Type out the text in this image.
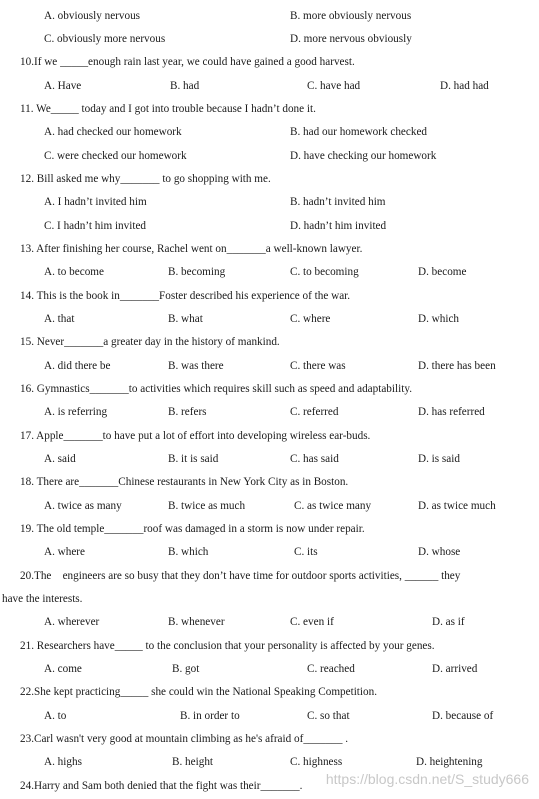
A. obviously nervous	B. more obviously nervous
C. obviously more nervous	D. more nervous obviously
10.If we _____enough rain last year, we could have gained a good harvest.
A. Have	B. had	C. have had	D. had had
11. We_____ today and I got into trouble because I hadn’t done it.
A. had checked our homework	B. had our homework checked
C. were checked our homework	D. have checking our homework
12. Bill asked me why_______ to go shopping with me.
A. I hadn’t invited him	B. hadn’t invited him
C. I hadn’t him invited	D. hadn’t him invited
13. After finishing her course, Rachel went on_______a well-known lawyer.
A. to become	B. becoming	C. to becoming	D. become
14. This is the book in_______Foster described his experience of the war.
A. that	B. what	C. where	D. which
15. Never_______a greater day in the history of mankind.
A. did there be	B. was there	C. there was	D. there has been
16. Gymnastics_______to activities which requires skill such as speed and adaptability.
A. is referring	B. refers	C. referred	D. has referred
17. Apple_______to have put a lot of effort into developing wireless ear-buds.
A. said	B. it is said	C. has said	D. is said
18. There are_______Chinese restaurants in New York City as in Boston.
A. twice as many	B. twice as much	C. as twice many	D. as twice much
19. The old temple_______roof was damaged in a storm is now under repair.
A. where	B. which	C. its	D. whose
20.The    engineers are so busy that they don’t have time for outdoor sports activities, ______ they
have the interests.
A. wherever	B. whenever	C. even if	D. as if
21. Researchers have_____ to the conclusion that your personality is affected by your genes.
A. come	B. got	C. reached	D. arrived
22.She kept practicing_____ she could win the National Speaking Competition.
A. to	B. in order to	C. so that	D. because of
23.Carl wasn't very good at mountain climbing as he's afraid of_______ .
A. highs	B. height	C. highness	D. heightening
24.Harry and Sam both denied that the fight was their_______. https://blog.csdn.net/S_study666
